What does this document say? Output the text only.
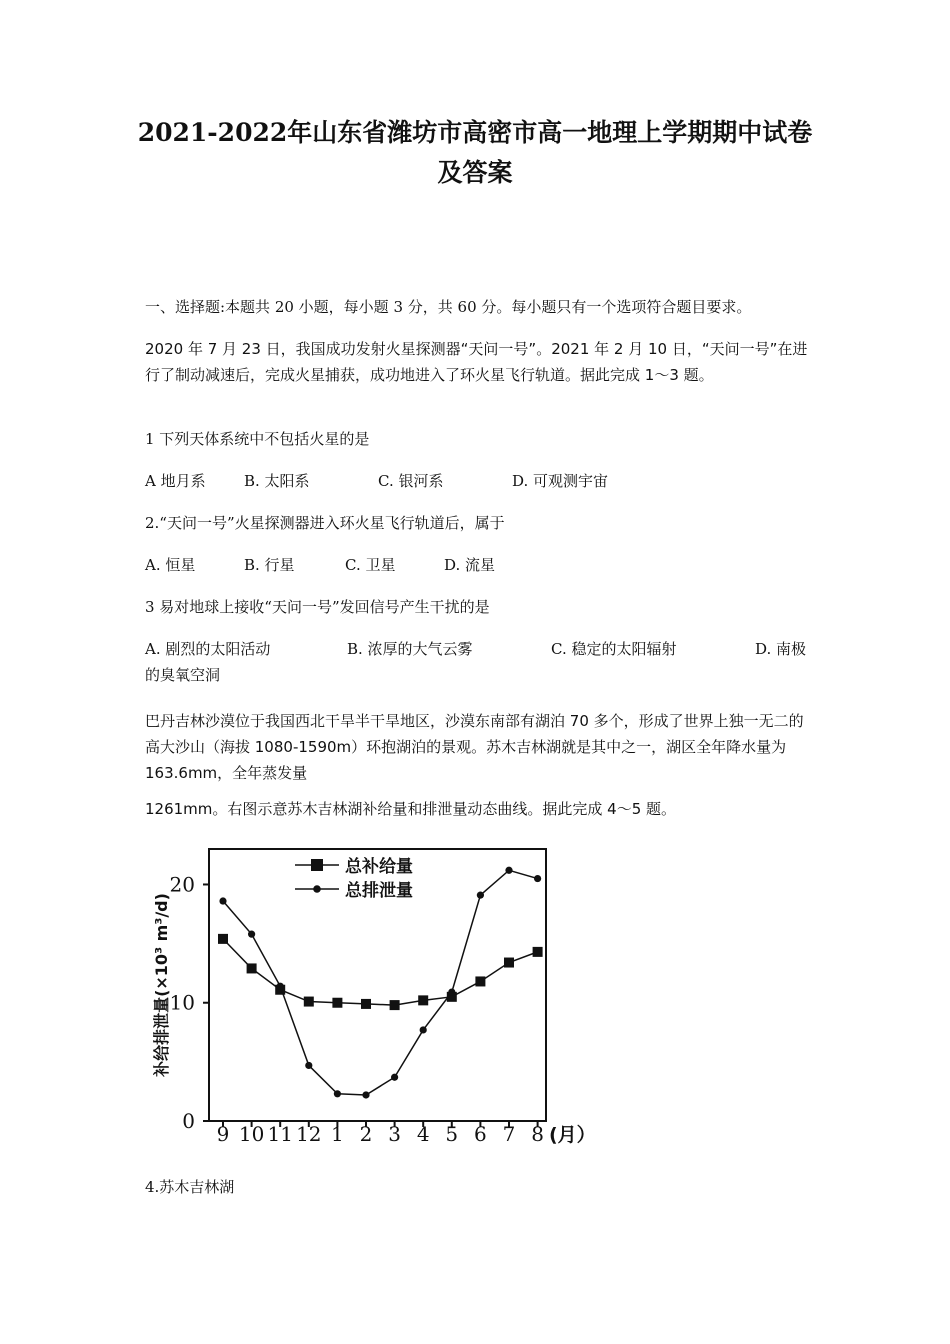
2021-2022年山东省潍坊市高密市高一地理上学期期中试卷
及答案

一、选择题:本题共 20 小题，每小题 3 分，共 60 分。每小题只有一个选项符合题目要求。

2020 年 7 月 23 日，我国成功发射火星探测器“天问一号”。2021 年 2 月 10 日，“天问一号”在进行了制动减速后，完成火星捕获，成功地进入了环火星飞行轨道。据此完成 1～3 题。

1 下列天体系统中不包括火星的是

A 地月系	B. 太阳系	C. 银河系	D. 可观测宇宙

2.“天问一号”火星探测器进入环火星飞行轨道后，属于

A. 恒星	B. 行星	C. 卫星	D. 流星

3 易对地球上接收“天问一号”发回信号产生干扰的是

A. 剧烈的太阳活动	B. 浓厚的大气云雾	C. 稳定的太阳辐射	D. 南极

的臭氧空洞

巴丹吉林沙漠位于我国西北干旱半干旱地区，沙漠东南部有湖泊 70 多个，形成了世界上独一无二的高大沙山（海拔 1080-1590m）环抱湖泊的景观。苏木吉林湖就是其中之一，湖区全年降水量为 163.6mm，全年蒸发量

1261mm。右图示意苏木吉林湖补给量和排泄量动态曲线。据此完成 4～5 题。

补给排泄量(×10³ m³/d)
0
10
20
9 10 11 12 1 2 3 4 5 6 7 8 (月）
总补给量
总排泄量

4.苏木吉林湖
